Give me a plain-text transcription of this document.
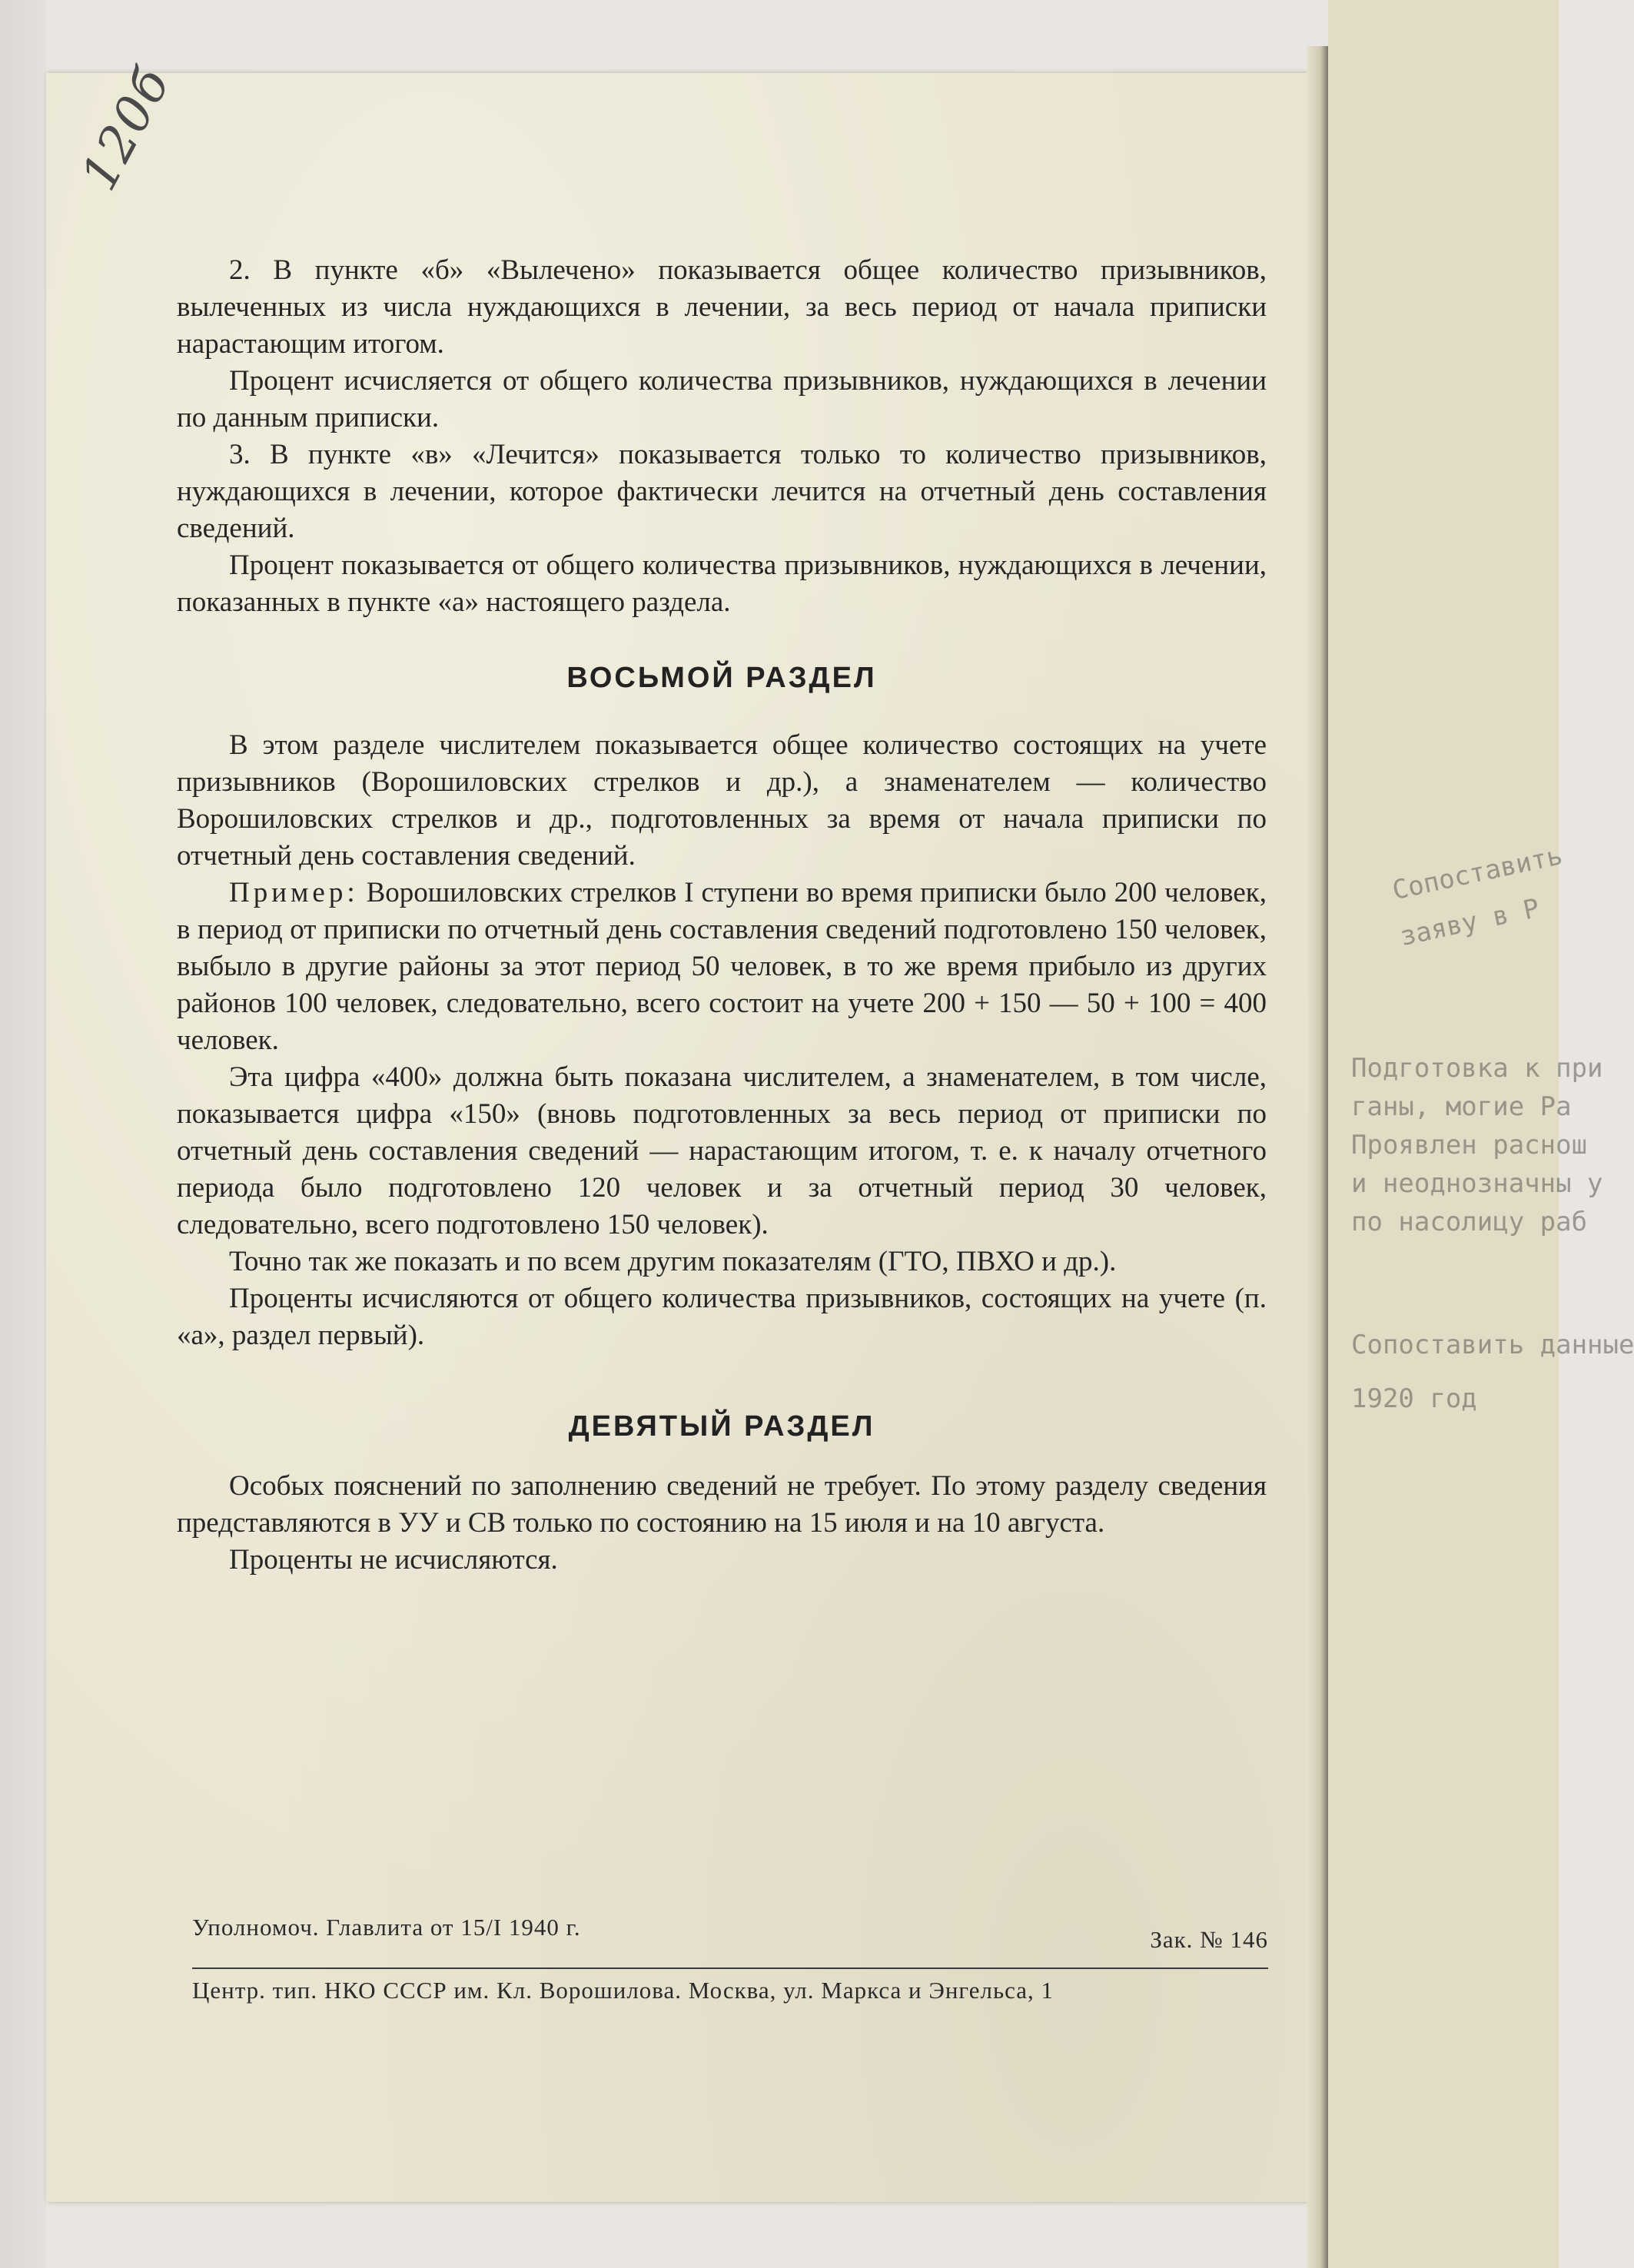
Подготовка к при
ганы, могие Ра
Проявлен раснош
и неоднозначны у
по насолицу раб
Сопоставить
заяву в Р
1920 год
Сопоставить данные
120б

2. В пункте «б» «Вылечено» показывается общее количество призывников, вылеченных из числа нуждающихся в лечении, за весь период от начала приписки нарастающим итогом.

Процент исчисляется от общего количества призывников, нуждающихся в лечении по данным приписки.

3. В пункте «в» «Лечится» показывается только то количество призывников, нуждающихся в лечении, которое фактически лечится на отчетный день составления сведений.

Процент показывается от общего количества призывников, нуждающихся в лечении, показанных в пункте «а» настоящего раздела.

ВОСЬМОЙ РАЗДЕЛ

В этом разделе числителем показывается общее количество состоящих на учете призывников (Ворошиловских стрелков и др.), а знаменателем — количество Ворошиловских стрелков и др., подготовленных за время от начала приписки по отчетный день составления сведений.

Пример: Ворошиловских стрелков I ступени во время приписки было 200 человек, в период от приписки по отчетный день составления сведений подготовлено 150 человек, выбыло в другие районы за этот период 50 человек, в то же время прибыло из других районов 100 человек, следовательно, всего состоит на учете 200 + 150 — 50 + 100 = 400 человек.

Эта цифра «400» должна быть показана числителем, а знаменателем, в том числе, показывается цифра «150» (вновь подготовленных за весь период от приписки по отчетный день составления сведений — нарастающим итогом, т. е. к началу отчетного периода было подготовлено 120 человек и за отчетный период 30 человек, следовательно, всего подготовлено 150 человек).

Точно так же показать и по всем другим показателям (ГТО, ПВХО и др.).

Проценты исчисляются от общего количества призывников, состоящих на учете (п. «а», раздел первый).

ДЕВЯТЫЙ РАЗДЕЛ

Особых пояснений по заполнению сведений не требует. По этому разделу сведения представляются в УУ и СВ только по состоянию на 15 июля и на 10 августа.

Проценты не исчисляются.

Уполномоч. Главлита от 15/I 1940 г.	Зак. № 146
Центр. тип. НКО СССР им. Кл. Ворошилова. Москва, ул. Маркса и Энгельса, 1
